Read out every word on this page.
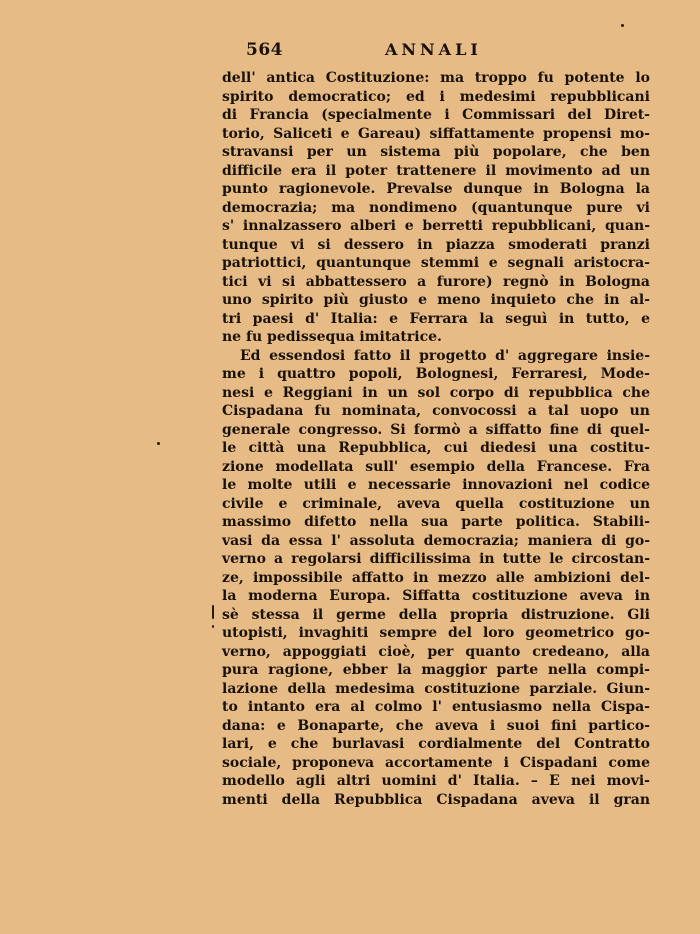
564	ANNALI
dell' antica Costituzione: ma troppo fu potente lo
spirito democratico; ed i medesimi repubblicani
di Francia (specialmente i Commissari del Diret-
torio, Saliceti e Gareau) siffattamente propensi mo-
stravansi per un sistema più popolare, che ben
difficile era il poter trattenere il movimento ad un
punto ragionevole. Prevalse dunque in Bologna la
democrazia; ma nondimeno (quantunque pure vi
s' innalzassero alberi e berretti repubblicani, quan-
tunque vi si dessero in piazza smoderati pranzi
patriottici, quantunque stemmi e segnali aristocra-
tici vi si abbattessero a furore) regnò in Bologna
uno spirito più giusto e meno inquieto che in al-
tri paesi d' Italia: e Ferrara la seguì in tutto, e
ne fu pedissequa imitatrice.
Ed essendosi fatto il progetto d' aggregare insie-
me i quattro popoli, Bolognesi, Ferraresi, Mode-
nesi e Reggiani in un sol corpo di repubblica che
Cispadana fu nominata, convocossi a tal uopo un
generale congresso. Si formò a siffatto fine di quel-
le città una Repubblica, cui diedesi una costitu-
zione modellata sull' esempio della Francese. Fra
le molte utili e necessarie innovazioni nel codice
civile e criminale, aveva quella costituzione un
massimo difetto nella sua parte politica. Stabili-
vasi da essa l' assoluta democrazia; maniera di go-
verno a regolarsi difficilissima in tutte le circostan-
ze, impossibile affatto in mezzo alle ambizioni del-
la moderna Europa. Siffatta costituzione aveva in
sè stessa il germe della propria distruzione. Gli
utopisti, invaghiti sempre del loro geometrico go-
verno, appoggiati cioè, per quanto credeano, alla
pura ragione, ebber la maggior parte nella compi-
lazione della medesima costituzione parziale. Giun-
to intanto era al colmo l' entusiasmo nella Cispa-
dana: e Bonaparte, che aveva i suoi fini partico-
lari, e che burlavasi cordialmente del Contratto
sociale, proponeva accortamente i Cispadani come
modello agli altri uomini d' Italia. – E nei movi-
menti della Repubblica Cispadana aveva il gran
